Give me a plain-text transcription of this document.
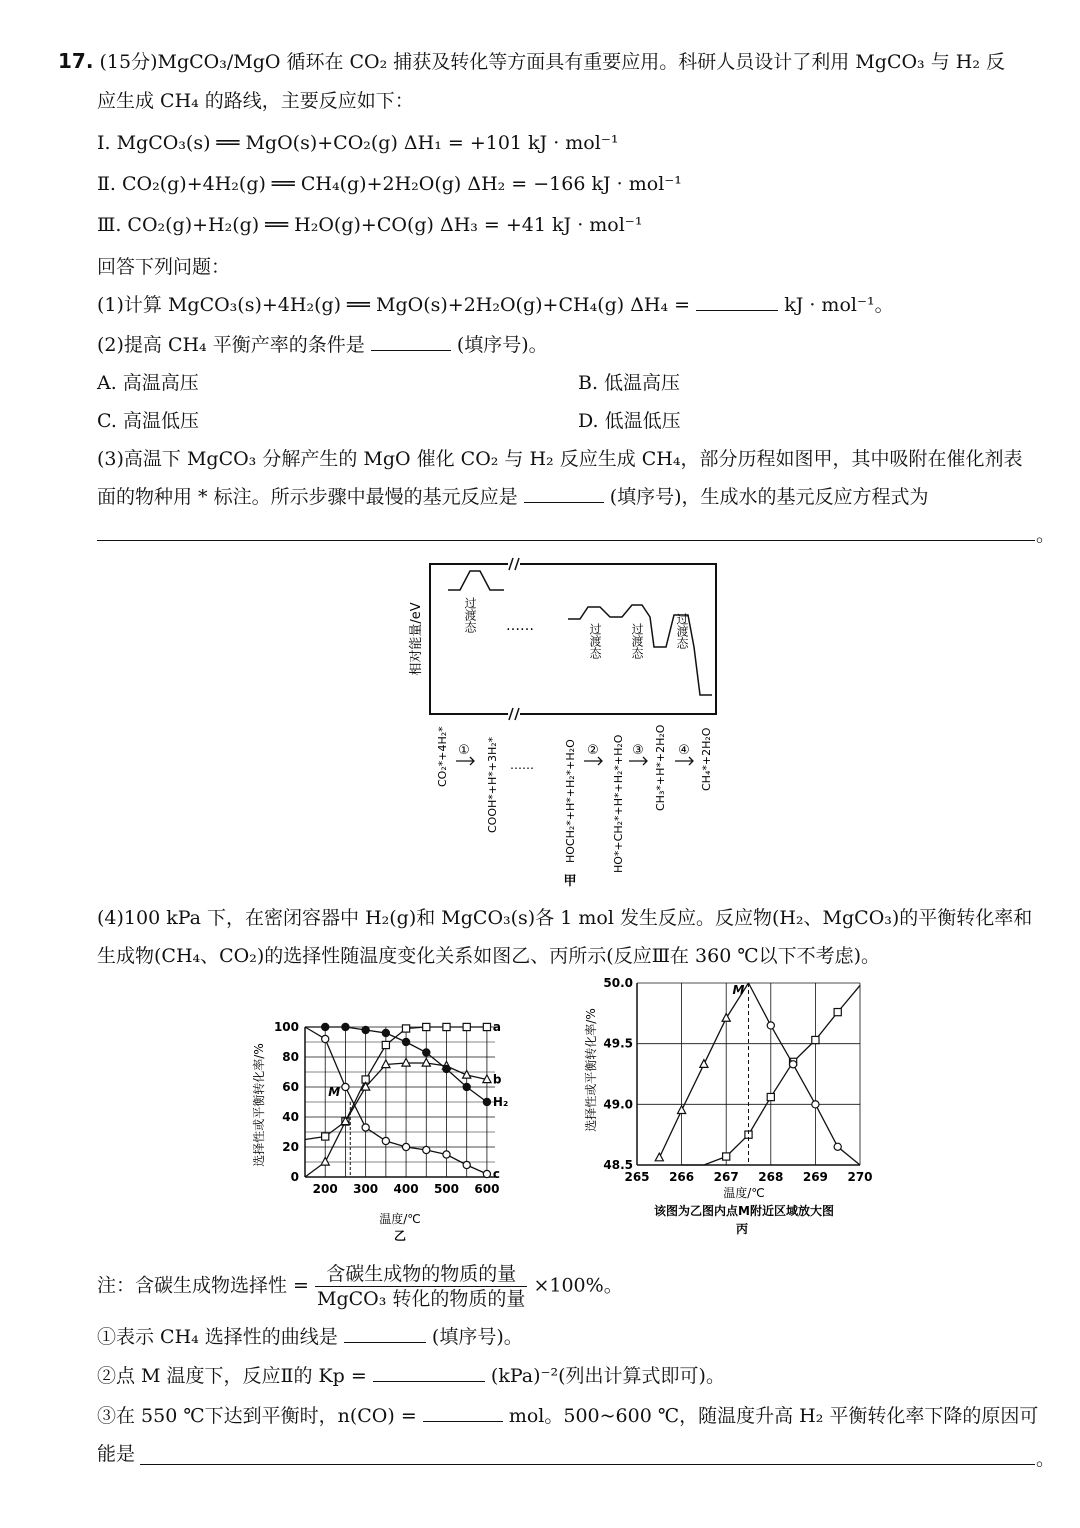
17. (15分)MgCO₃/MgO 循环在 CO₂ 捕获及转化等方面具有重要应用。科研人员设计了利用 MgCO₃ 与 H₂ 反
应生成 CH₄ 的路线，主要反应如下：
Ⅰ. MgCO₃(s) ══ MgO(s)+CO₂(g) ΔH₁ = +101 kJ · mol⁻¹
Ⅱ. CO₂(g)+4H₂(g) ══ CH₄(g)+2H₂O(g) ΔH₂ = −166 kJ · mol⁻¹
Ⅲ. CO₂(g)+H₂(g) ══ H₂O(g)+CO(g) ΔH₃ = +41 kJ · mol⁻¹
回答下列问题：
(1)计算 MgCO₃(s)+4H₂(g) ══ MgO(s)+2H₂O(g)+CH₄(g) ΔH₄ =	kJ · mol⁻¹。
(2)提高 CH₄ 平衡产率的条件是	(填序号)。
A. 高温高压	B. 低温高压
C. 高温低压	D. 低温低压
(3)高温下 MgCO₃ 分解产生的 MgO 催化 CO₂ 与 H₂ 反应生成 CH₄，部分历程如图甲，其中吸附在催化剂表
面的物种用 * 标注。所示步骤中最慢的基元反应是	(填序号)，生成水的基元反应方程式为
。
相对能量/eV	……
过渡态
过渡态 过渡态	过渡态
CO₂*+4H₂*	COOH*+H*+3H₂* ……	HOCH₂*+H*+H₂*+H₂O	HO*+CH₂*+H*+H₂*+H₂O	CH₃*+H*+2H₂O	CH₄*+2H₂O
①	②	③	④
甲
(4)100 kPa 下，在密闭容器中 H₂(g)和 MgCO₃(s)各 1 mol 发生反应。反应物(H₂、MgCO₃)的平衡转化率和
生成物(CH₄、CO₂)的选择性随温度变化关系如图乙、丙所示(反应Ⅲ在 360 ℃以下不考虑)。
a
b
c
H₂
M
200 300 400 500 600
0
20
40
60
80
100
选择性或平衡转化率/%
温度/℃
乙
M
265 266 267 268 269 270
48.5
49.0
49.5
50.0
选择性或平衡转化率/%
温度/℃
该图为乙图内点M附近区域放大图
丙
注：含碳生成物选择性 = $\frac{\text{含碳生成物的物质的量}}{\text{MgCO₃ 转化的物质的量}} \times 100\%$。
①表示 CH₄ 选择性的曲线是	(填序号)。
②点 M 温度下，反应Ⅱ的 Kp =	(kPa)⁻²(列出计算式即可)。
③在 550 ℃下达到平衡时，n(CO) =	mol。500~600 ℃，随温度升高 H₂ 平衡转化率下降的原因可
能是	。
